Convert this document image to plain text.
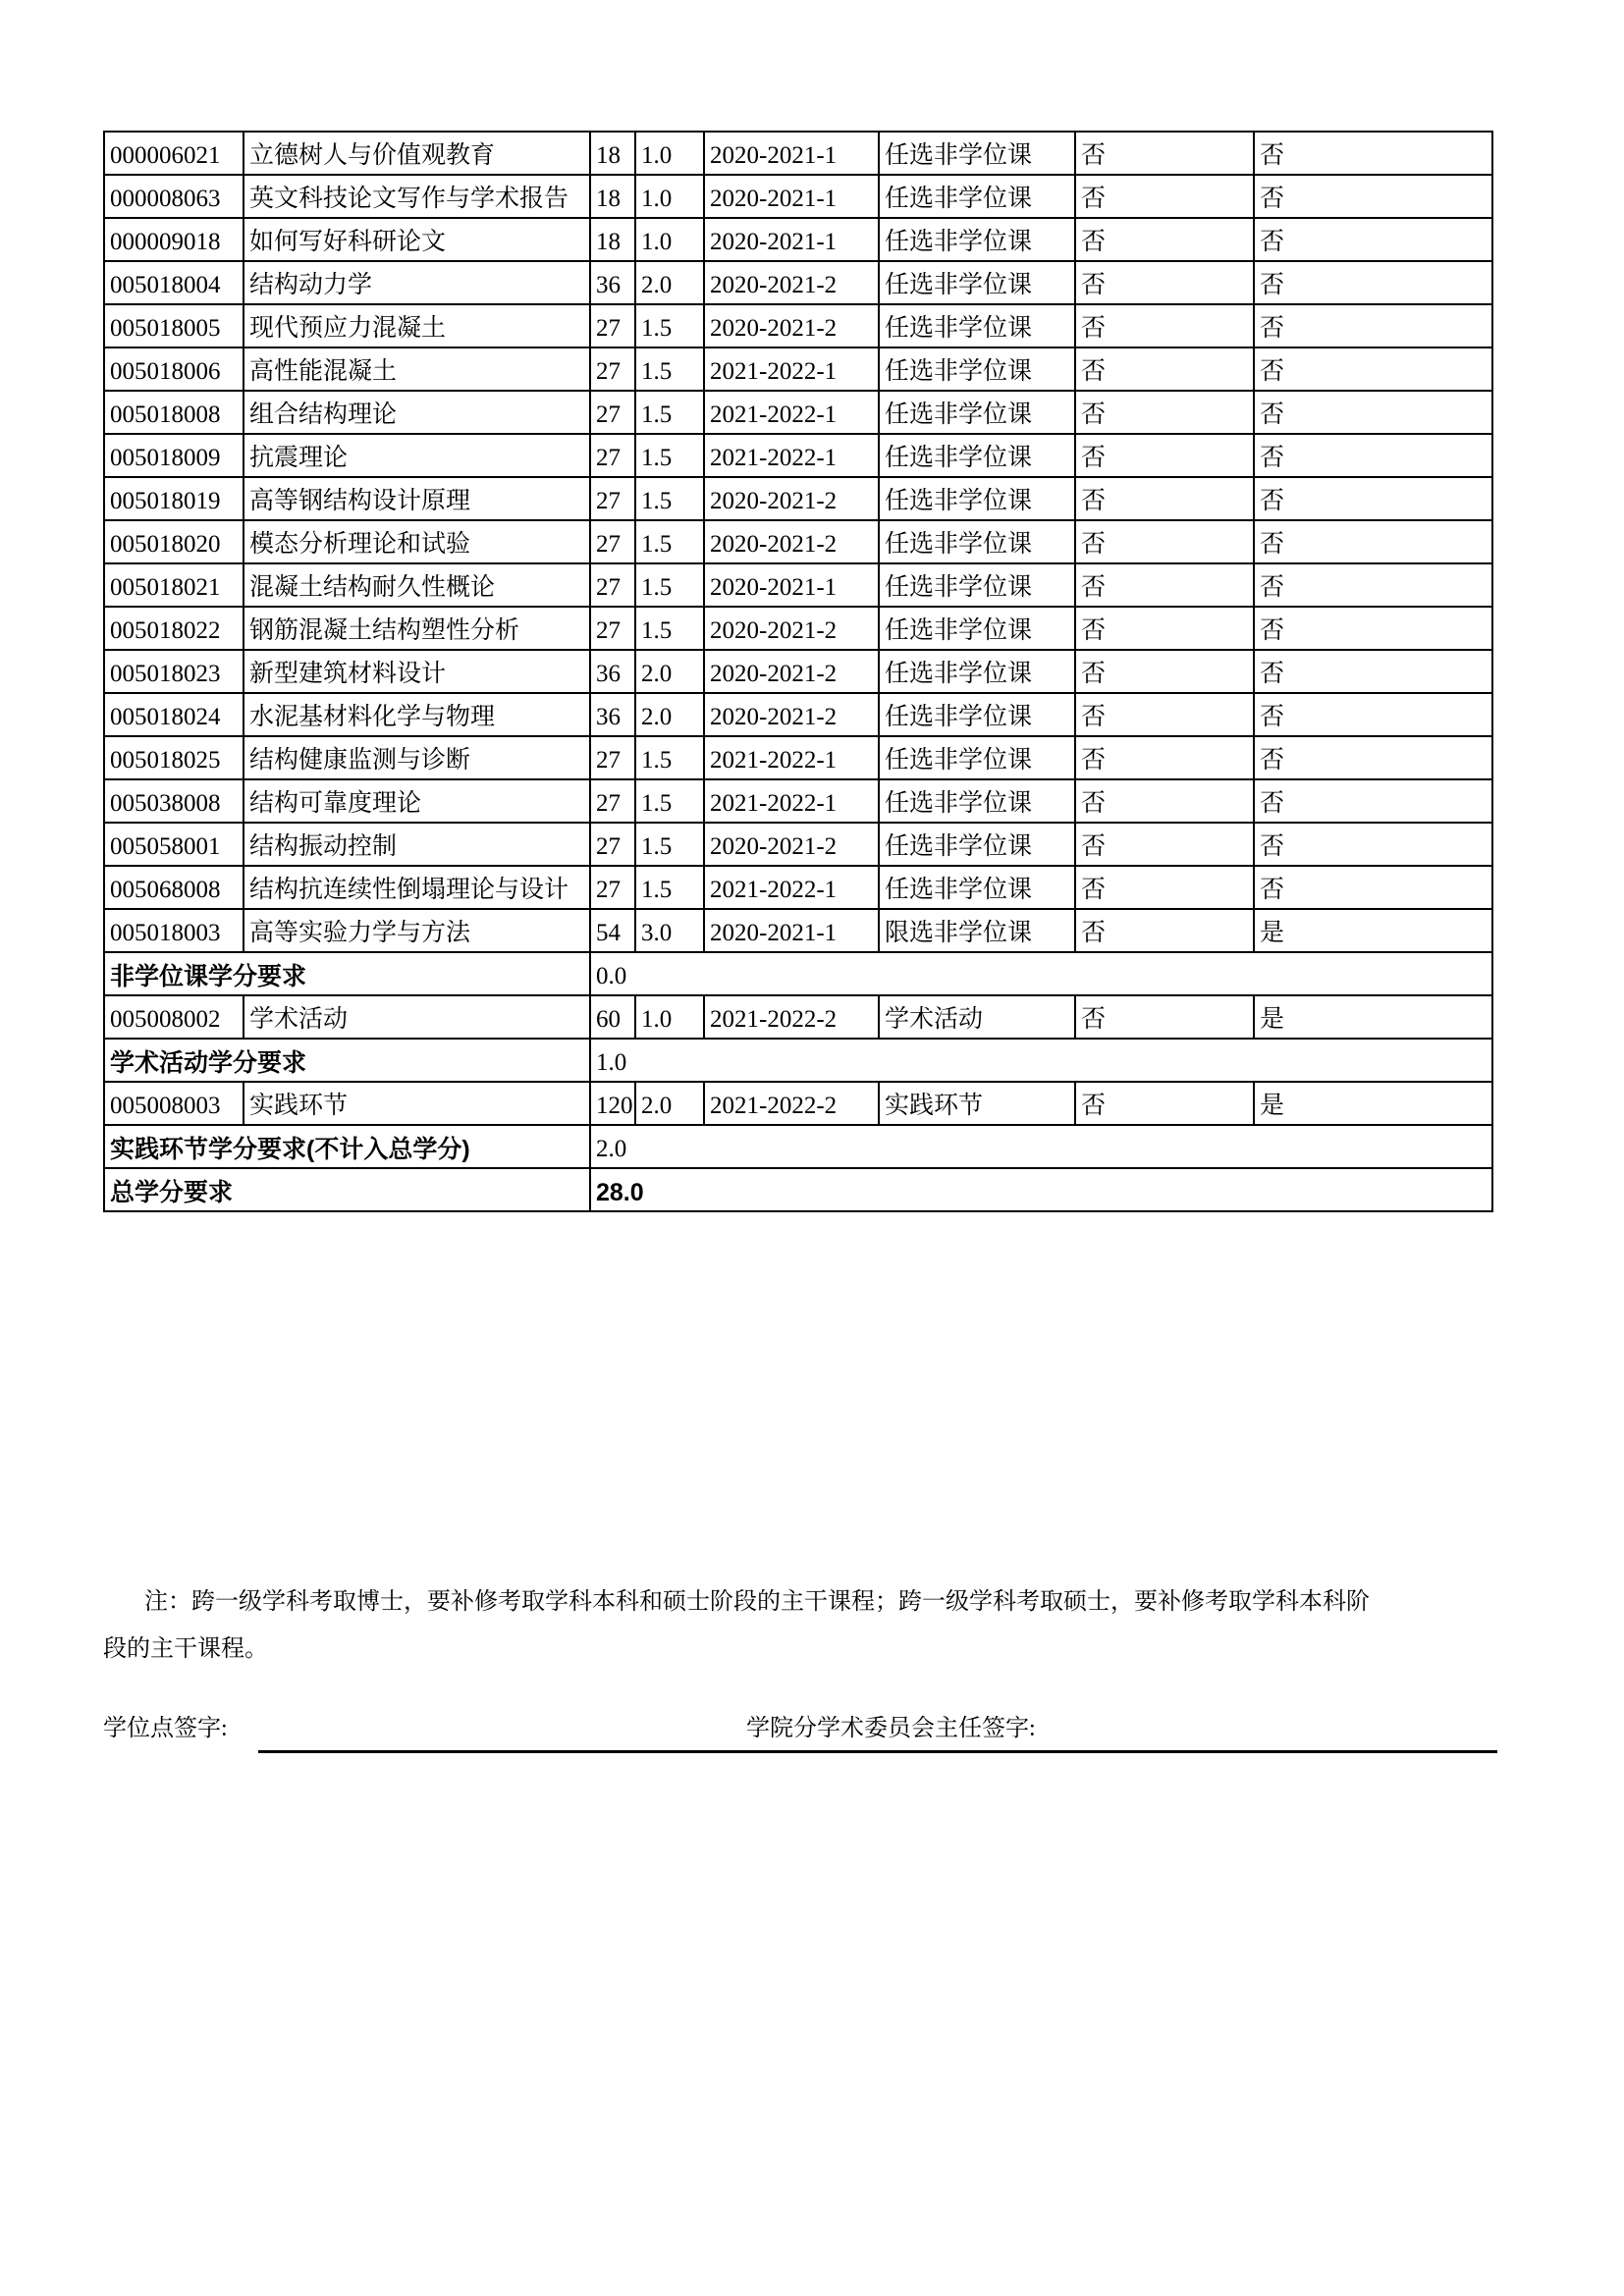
000006021	立德树人与价值观教育	18	1.0	2020-2021-1	任选非学位课	否	否
000008063	英文科技论文写作与学术报告	18	1.0	2020-2021-1	任选非学位课	否	否
000009018	如何写好科研论文	18	1.0	2020-2021-1	任选非学位课	否	否
005018004	结构动力学	36	2.0	2020-2021-2	任选非学位课	否	否
005018005	现代预应力混凝土	27	1.5	2020-2021-2	任选非学位课	否	否
005018006	高性能混凝土	27	1.5	2021-2022-1	任选非学位课	否	否
005018008	组合结构理论	27	1.5	2021-2022-1	任选非学位课	否	否
005018009	抗震理论	27	1.5	2021-2022-1	任选非学位课	否	否
005018019	高等钢结构设计原理	27	1.5	2020-2021-2	任选非学位课	否	否
005018020	模态分析理论和试验	27	1.5	2020-2021-2	任选非学位课	否	否
005018021	混凝土结构耐久性概论	27	1.5	2020-2021-1	任选非学位课	否	否
005018022	钢筋混凝土结构塑性分析	27	1.5	2020-2021-2	任选非学位课	否	否
005018023	新型建筑材料设计	36	2.0	2020-2021-2	任选非学位课	否	否
005018024	水泥基材料化学与物理	36	2.0	2020-2021-2	任选非学位课	否	否
005018025	结构健康监测与诊断	27	1.5	2021-2022-1	任选非学位课	否	否
005038008	结构可靠度理论	27	1.5	2021-2022-1	任选非学位课	否	否
005058001	结构振动控制	27	1.5	2020-2021-2	任选非学位课	否	否
005068008	结构抗连续性倒塌理论与设计	27	1.5	2021-2022-1	任选非学位课	否	否
005018003	高等实验力学与方法	54	3.0	2020-2021-1	限选非学位课	否	是
非学位课学分要求		0.0					
005008002	学术活动	60	1.0	2021-2022-2	学术活动	否	是
学术活动学分要求		1.0					
005008003	实践环节	120	2.0	2021-2022-2	实践环节	否	是
实践环节学分要求(不计入总学分)		2.0					
总学分要求		28.0					
注：跨一级学科考取博士，要补修考取学科本科和硕士阶段的主干课程；跨一级学科考取硕士，要补修考取学科本科阶
段的主干课程。
学位点签字:	学院分学术委员会主任签字:
